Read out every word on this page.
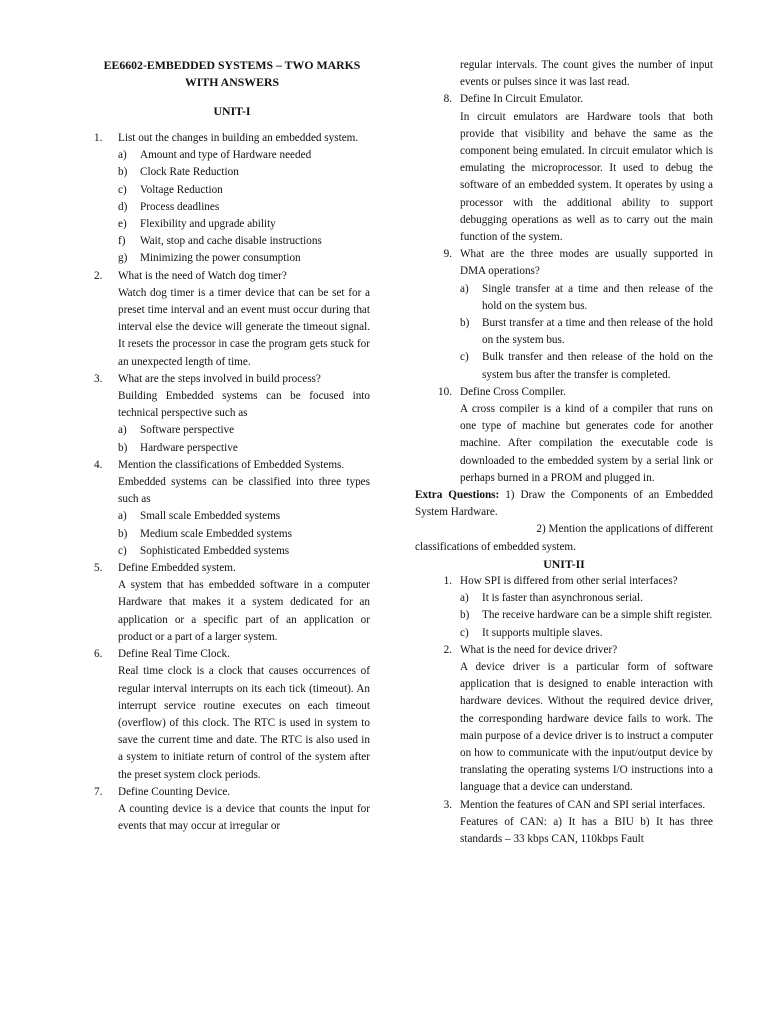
EE6602-EMBEDDED SYSTEMS – TWO MARKS WITH ANSWERS

UNIT-I

1. List out the changes in building an embedded system.

a) Amount and type of Hardware needed

b) Clock Rate Reduction

c) Voltage Reduction

d) Process deadlines

e) Flexibility and upgrade ability

f) Wait, stop and cache disable instructions

g) Minimizing the power consumption

2. What is the need of Watch dog timer?

Watch dog timer is a timer device that can be set for a preset time interval and an event must occur during that interval else the device will generate the timeout signal. It resets the processor in case the program gets stuck for an unexpected length of time.

3. What are the steps involved in build process?

Building Embedded systems can be focused into technical perspective such as

a) Software perspective

b) Hardware perspective

4. Mention the classifications of Embedded Systems.

Embedded systems can be classified into three types such as

a) Small scale Embedded systems

b) Medium scale Embedded systems

c) Sophisticated Embedded systems

5. Define Embedded system.

A system that has embedded software in a computer Hardware that makes it a system dedicated for an application or a specific part of an application or product or a part of a larger system.

6. Define Real Time Clock.

Real time clock is a clock that causes occurrences of regular interval interrupts on its each tick (timeout). An interrupt service routine executes on each timeout (overflow) of this clock. The RTC is used in system to save the current time and date. The RTC is also used in a system to initiate return of control of the system after the preset system clock periods.

7. Define Counting Device.

A counting device is a device that counts the input for events that may occur at irregular or

regular intervals. The count gives the number of input events or pulses since it was last read.

8. Define In Circuit Emulator.

In circuit emulators are Hardware tools that both provide that visibility and behave the same as the component being emulated. In circuit emulator which is emulating the microprocessor. It used to debug the software of an embedded system. It operates by using a processor with the additional ability to support debugging operations as well as to carry out the main function of the system.

9. What are the three modes are usually supported in DMA operations?

a) Single transfer at a time and then release of the hold on the system bus.

b) Burst transfer at a time and then release of the hold on the system bus.

c) Bulk transfer and then release of the hold on the system bus after the transfer is completed.

10. Define Cross Compiler.

A cross compiler is a kind of a compiler that runs on one type of machine but generates code for another machine. After compilation the executable code is downloaded to the embedded system by a serial link or perhaps burned in a PROM and plugged in.

Extra Questions: 1) Draw the Components of an Embedded System Hardware.

2) Mention the applications of different

classifications of embedded system.

UNIT-II

1. How SPI is differed from other serial interfaces?

a) It is faster than asynchronous serial.

b) The receive hardware can be a simple shift register.

c) It supports multiple slaves.

2. What is the need for device driver?

A device driver is a particular form of software application that is designed to enable interaction with hardware devices. Without the required device driver, the corresponding hardware device fails to work. The main purpose of a device driver is to instruct a computer on how to communicate with the input/output device by translating the operating systems I/O instructions into a language that a device can understand.

3. Mention the features of CAN and SPI serial interfaces.

Features of CAN: a) It has a BIU b) It has three standards – 33 kbps CAN, 110kbps Fault
